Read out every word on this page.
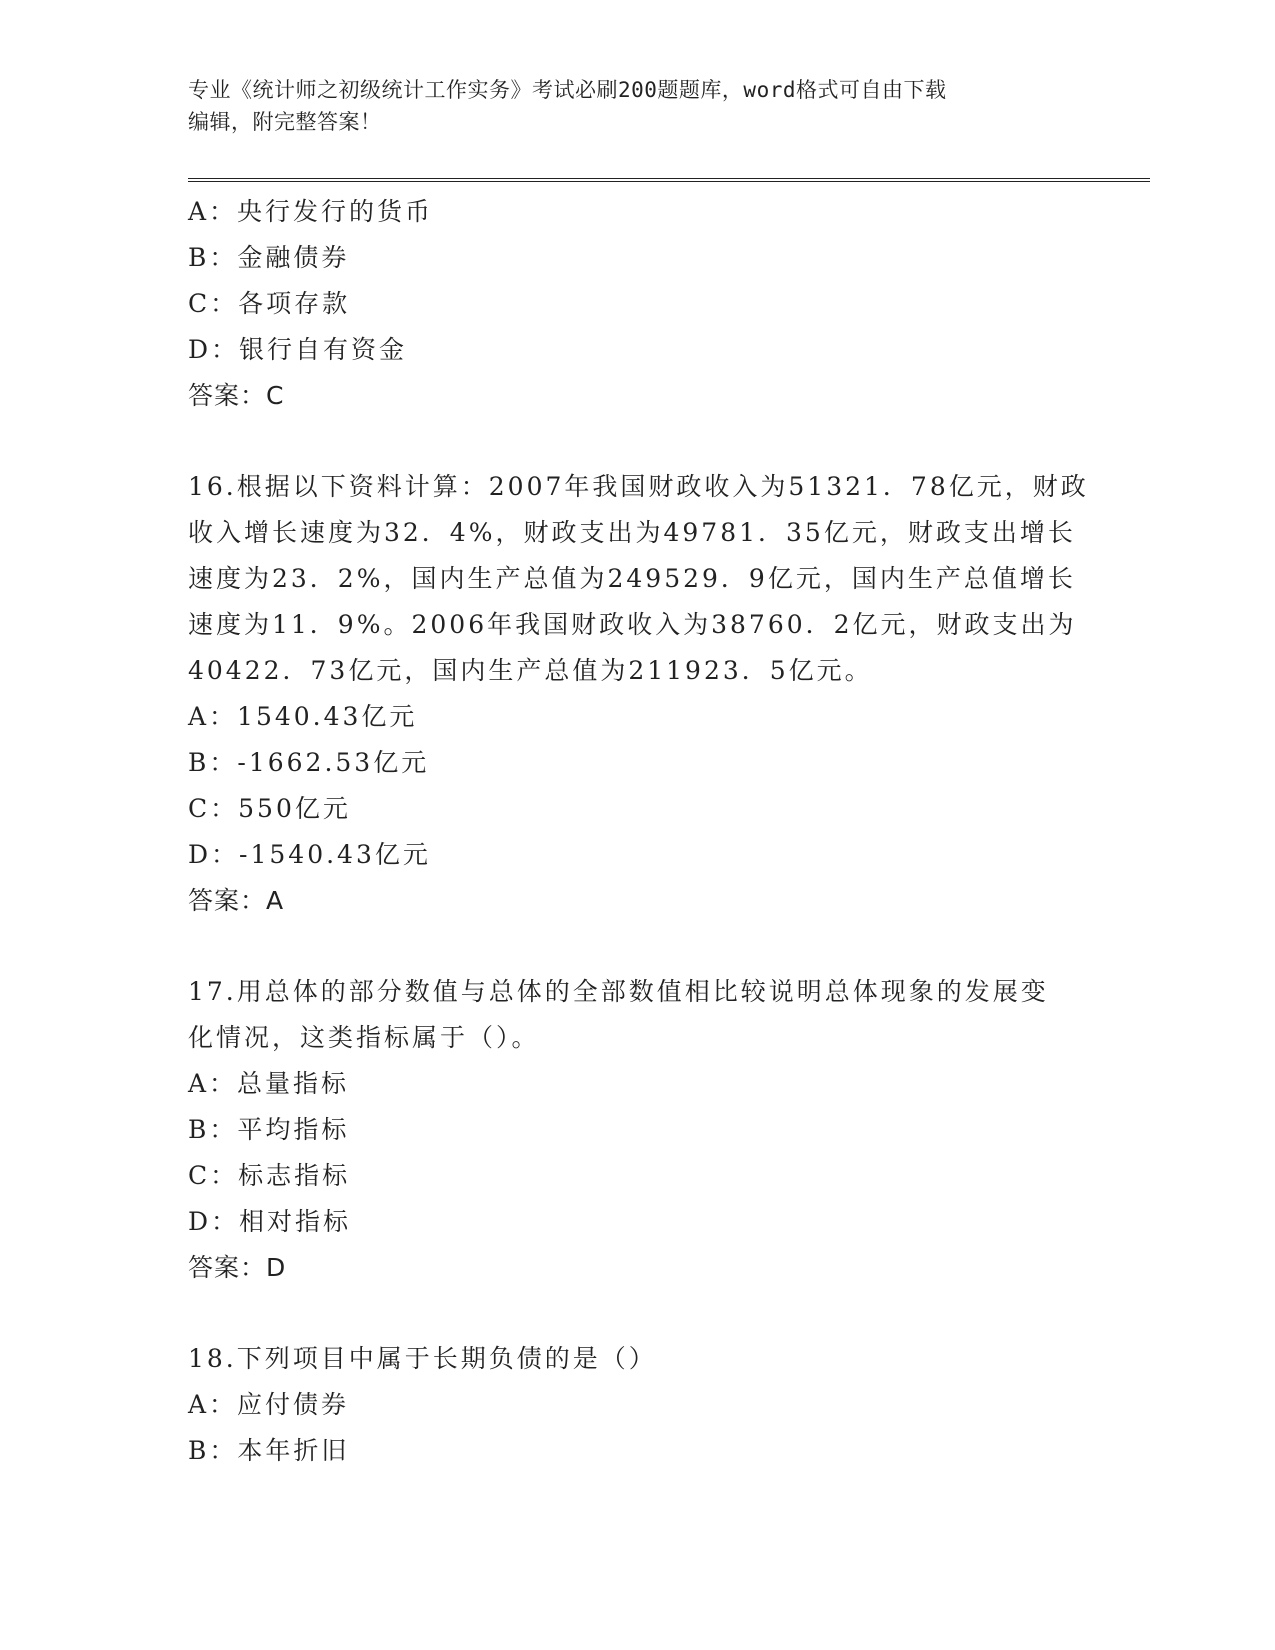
专业《统计师之初级统计工作实务》考试必刷200题题库，word格式可自由下载
编辑，附完整答案！
A：央行发行的货币
B：金融债券
C：各项存款
D：银行自有资金
答案：C
16.根据以下资料计算：2007年我国财政收入为51321．78亿元，财政
收入增长速度为32．4%，财政支出为49781．35亿元，财政支出增长
速度为23．2%，国内生产总值为249529．9亿元，国内生产总值增长
速度为11．9%。2006年我国财政收入为38760．2亿元，财政支出为
40422．73亿元，国内生产总值为211923．5亿元。
A：1540.43亿元
B：-1662.53亿元
C：550亿元
D：-1540.43亿元
答案：A
17.用总体的部分数值与总体的全部数值相比较说明总体现象的发展变
化情况，这类指标属于（）。
A：总量指标
B：平均指标
C：标志指标
D：相对指标
答案：D
18.下列项目中属于长期负债的是（）
A：应付债券
B：本年折旧
